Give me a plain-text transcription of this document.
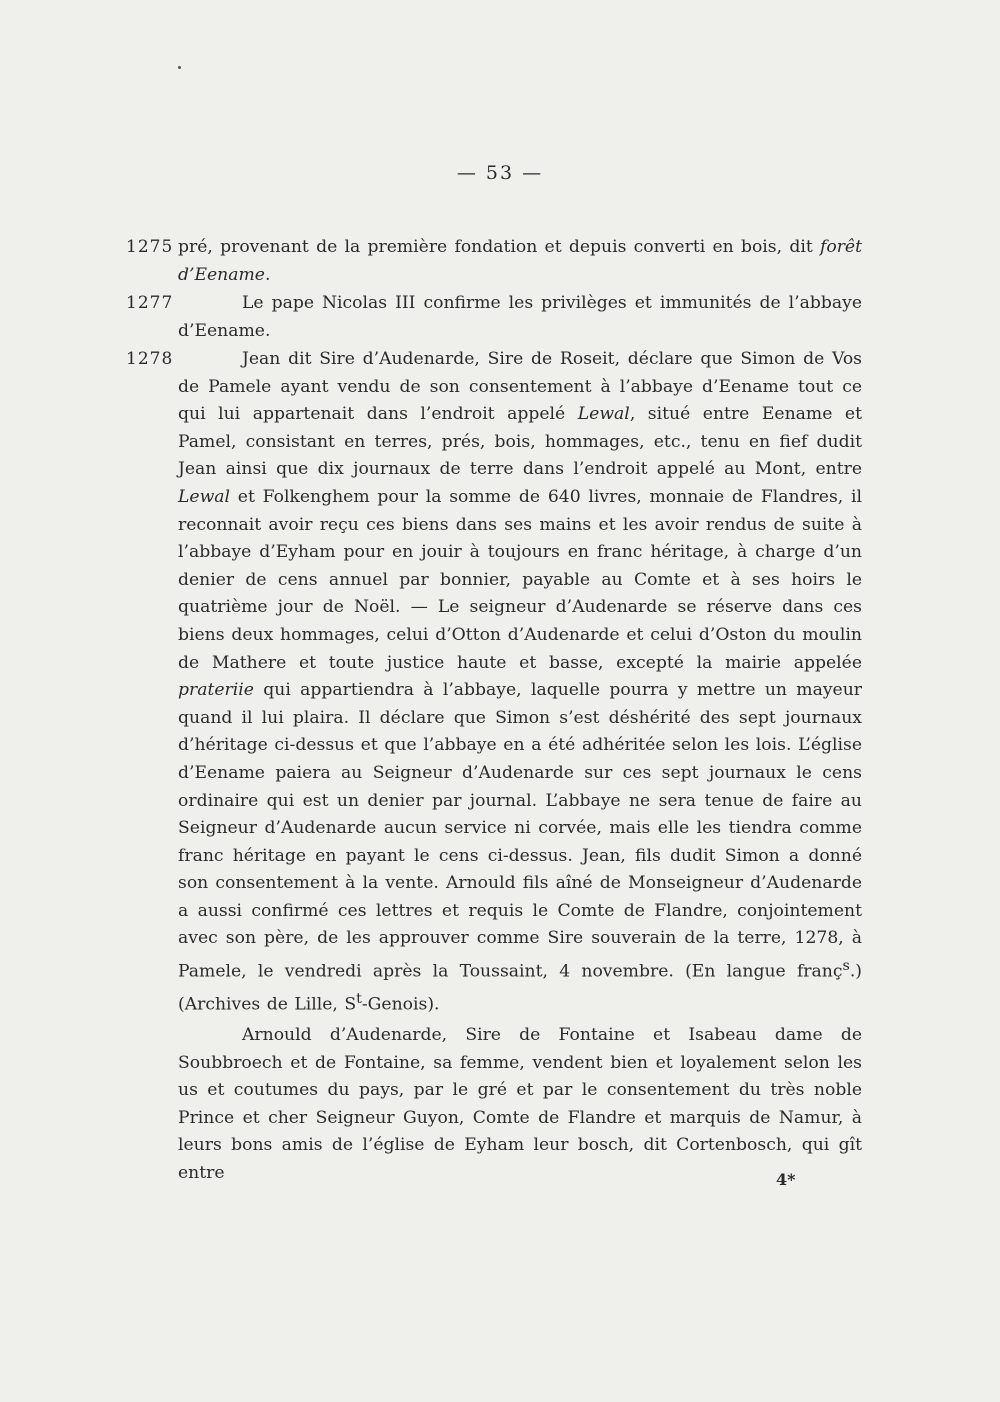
— 53 —
1275 pré, provenant de la première fondation et depuis converti en bois, dit forêt d’Eename.
1277	Le pape Nicolas III confirme les privilèges et immunités de l’abbaye d’Eename.
1278	Jean dit Sire d’Audenarde, Sire de Roseit, déclare que Simon de Vos de Pamele ayant vendu de son consentement à l’abbaye d’Eename tout ce qui lui appartenait dans l’endroit appelé Lewal, situé entre Eename et Pamel, consistant en terres, prés, bois, hommages, etc., tenu en fief dudit Jean ainsi que dix journaux de terre dans l’endroit appelé au Mont, entre Lewal et Folkenghem pour la somme de 640 livres, monnaie de Flandres, il reconnait avoir reçu ces biens dans ses mains et les avoir rendus de suite à l’abbaye d’Eyham pour en jouir à toujours en franc héritage, à charge d’un denier de cens annuel par bonnier, payable au Comte et à ses hoirs le quatrième jour de Noël. — Le seigneur d’Audenarde se réserve dans ces biens deux hommages, celui d’Otton d’Audenarde et celui d’Oston du moulin de Mathere et toute justice haute et basse, excepté la mairie appelée prateriie qui appartiendra à l’abbaye, laquelle pourra y mettre un mayeur quand il lui plaira. Il déclare que Simon s’est déshérité des sept journaux d’héritage ci-dessus et que l’abbaye en a été adhéritée selon les lois. L’église d’Eename paiera au Seigneur d’Audenarde sur ces sept journaux le cens ordinaire qui est un denier par journal. L’abbaye ne sera tenue de faire au Seigneur d’Audenarde aucun service ni corvée, mais elle les tiendra comme franc héritage en payant le cens ci-dessus. Jean, fils dudit Simon a donné son consentement à la vente. Arnould fils aîné de Monseigneur d’Audenarde a aussi confirmé ces lettres et requis le Comte de Flandre, conjointement avec son père, de les approuver comme Sire souverain de la terre, 1278, à Pamele, le vendredi après la Toussaint, 4 novembre. (En langue franç$^s$.) (Archives de Lille, $S^t-Genois$).
Arnould d’Audenarde, Sire de Fontaine et Isabeau dame de Soubbroech et de Fontaine, sa femme, vendent bien et loyalement selon les us et coutumes du pays, par le gré et par le consentement du très noble Prince et cher Seigneur Guyon, Comte de Flandre et marquis de Namur, à leurs bons amis de l’église de Eyham leur bosch, dit Cortenbosch, qui gît entre	4*
